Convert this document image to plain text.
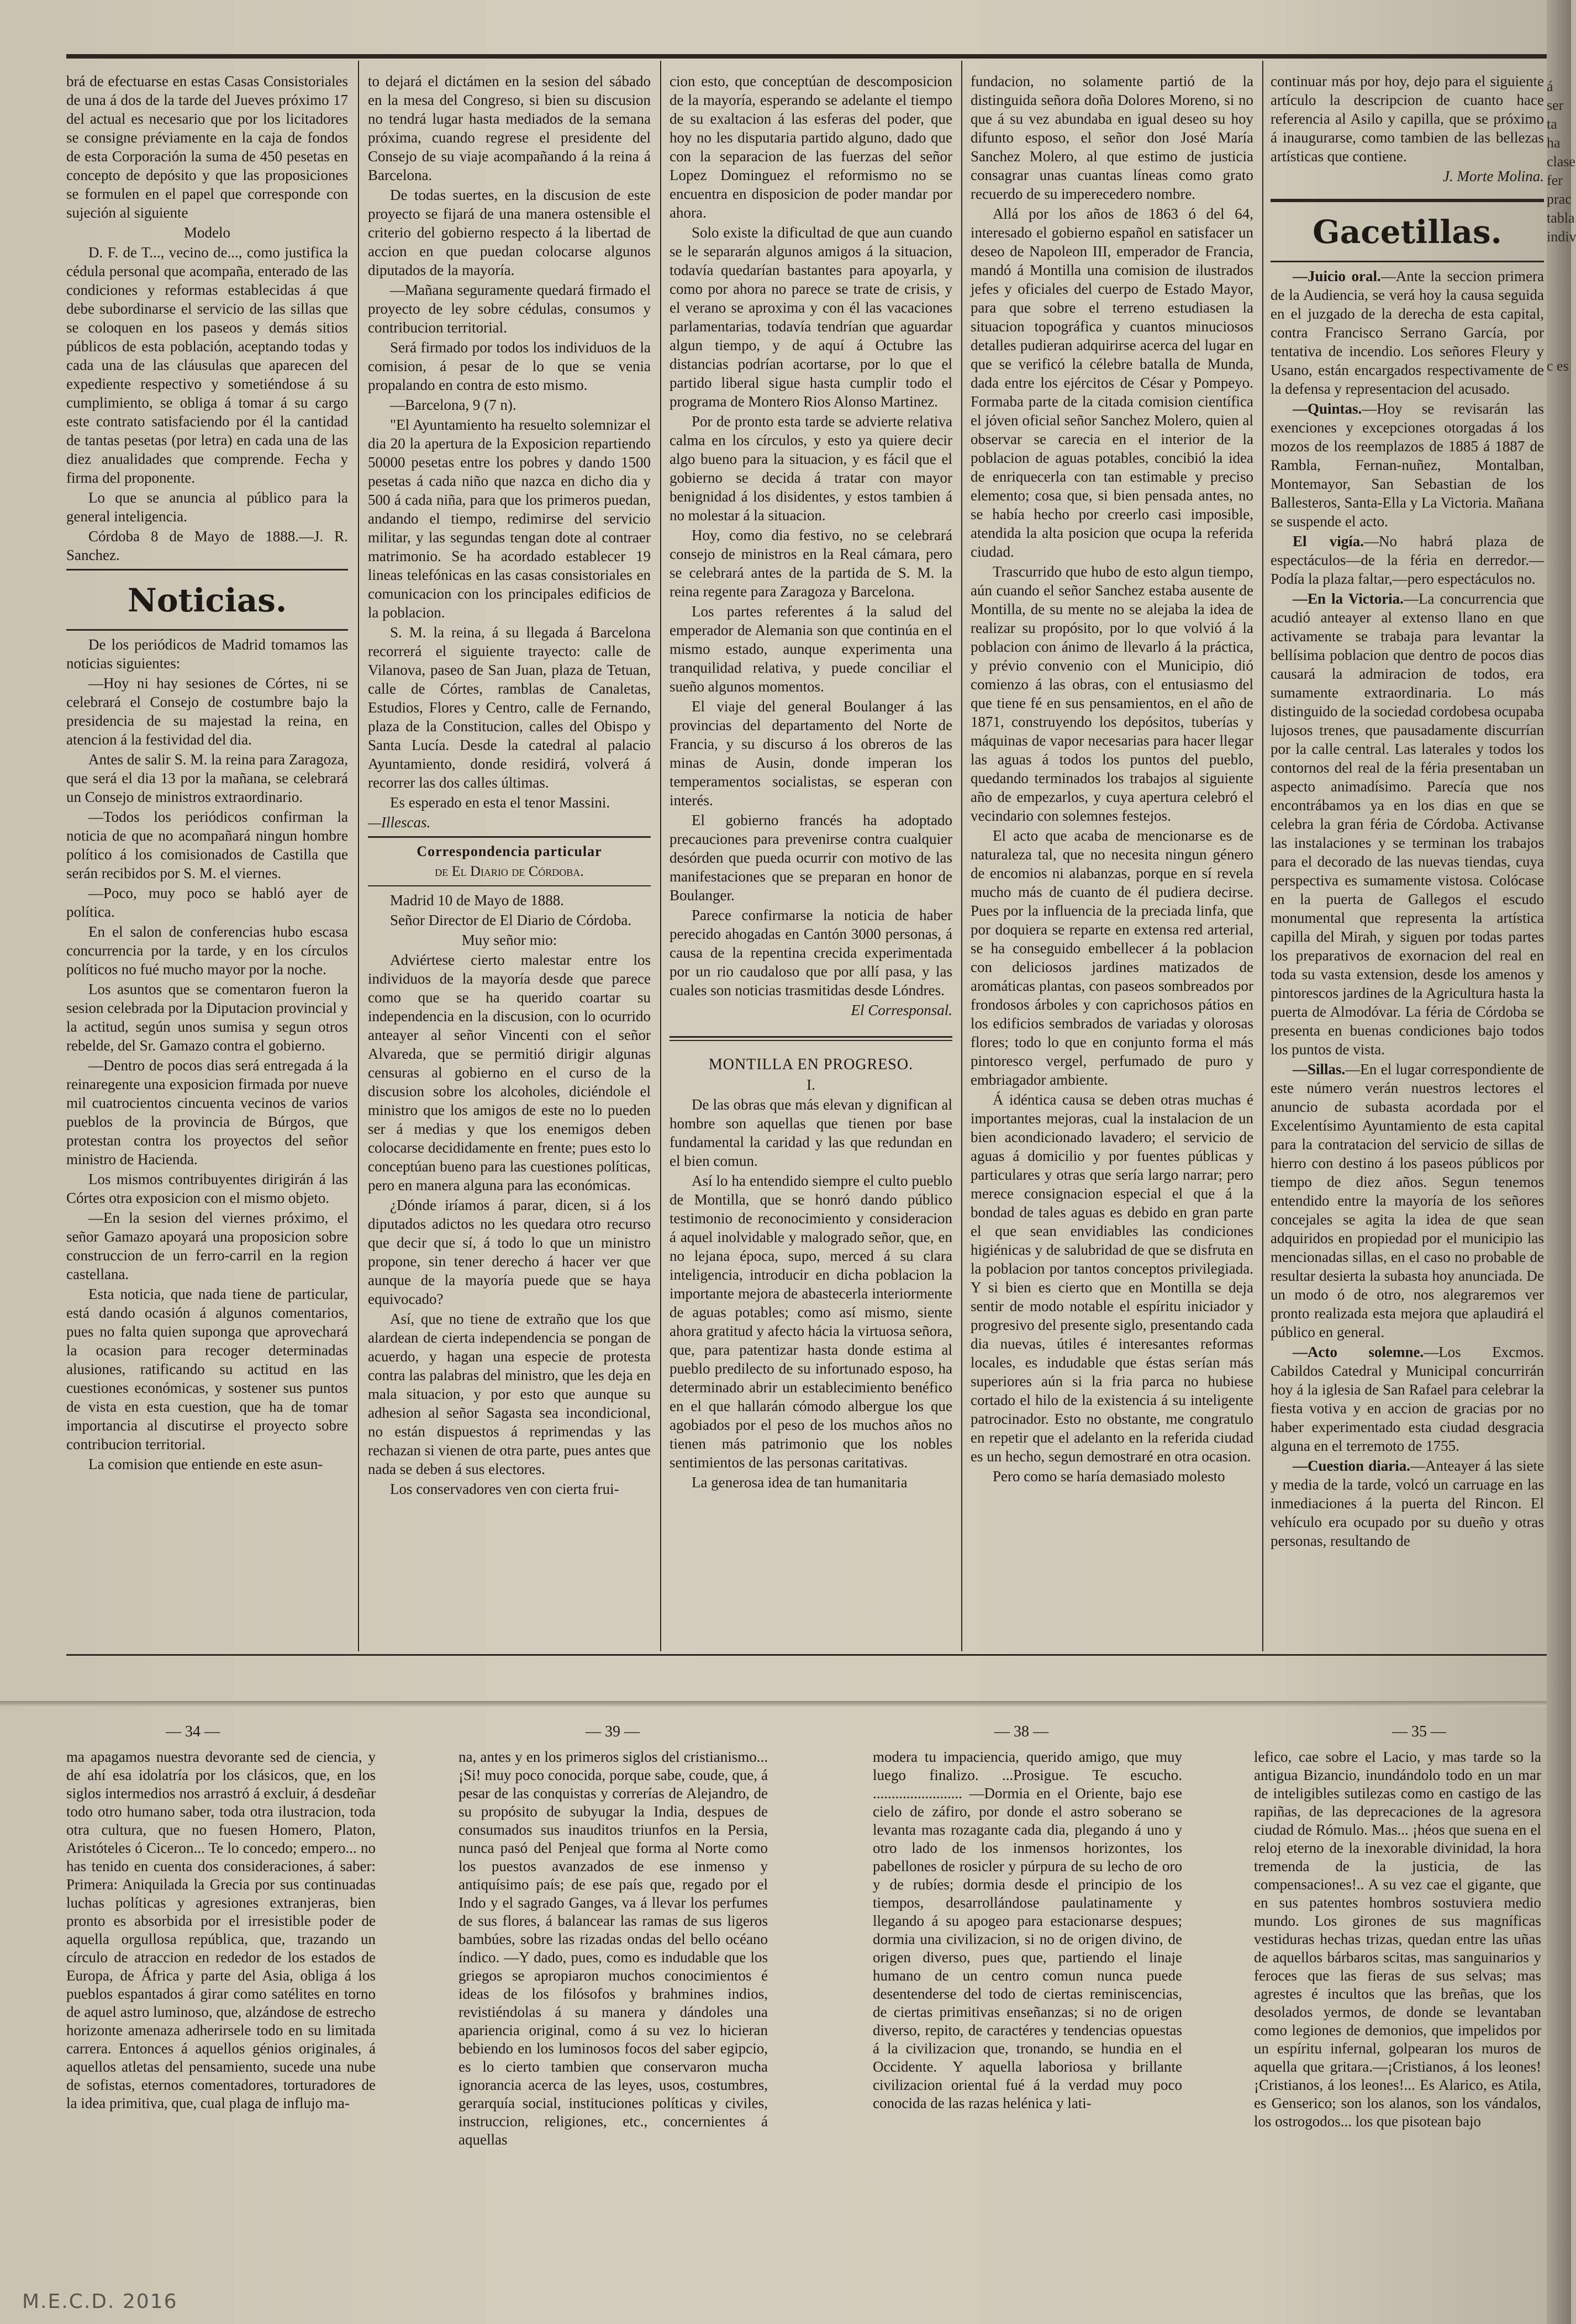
brá de efectuarse en estas Casas Consistoriales de una á dos de la tarde del Jueves próximo 17 del actual es necesario que por los licitadores se consigne préviamente en la caja de fondos de esta Corporación la suma de 450 pesetas en concepto de depósito y que las proposiciones se formulen en el papel que corresponde con sujeción al siguiente

Modelo

D. F. de T..., vecino de..., como justifica la cédula personal que acompaña, enterado de las condiciones y reformas establecidas á que debe subordinarse el servicio de las sillas que se coloquen en los paseos y demás sitios públicos de esta población, aceptando todas y cada una de las cláusulas que aparecen del expediente respectivo y sometiéndose á su cumplimiento, se obliga á tomar á su cargo este contrato satisfaciendo por él la cantidad de tantas pesetas (por letra) en cada una de las diez anualidades que comprende. Fecha y firma del proponente.

Lo que se anuncia al público para la general inteligencia.

Córdoba 8 de Mayo de 1888.—J. R. Sanchez.

Noticias.

De los periódicos de Madrid tomamos las noticias siguientes:

—Hoy ni hay sesiones de Córtes, ni se celebrará el Consejo de costumbre bajo la presidencia de su majestad la reina, en atencion á la festividad del dia.

Antes de salir S. M. la reina para Zaragoza, que será el dia 13 por la mañana, se celebrará un Consejo de ministros extraordinario.

—Todos los periódicos confirman la noticia de que no acompañará ningun hombre político á los comisionados de Castilla que serán recibidos por S. M. el viernes.

—Poco, muy poco se habló ayer de política.

En el salon de conferencias hubo escasa concurrencia por la tarde, y en los círculos políticos no fué mucho mayor por la noche.

Los asuntos que se comentaron fueron la sesion celebrada por la Diputacion provincial y la actitud, según unos sumisa y segun otros rebelde, del Sr. Gamazo contra el gobierno.

—Dentro de pocos dias será entregada á la reinaregente una exposicion firmada por nueve mil cuatrocientos cincuenta vecinos de varios pueblos de la provincia de Búrgos, que protestan contra los proyectos del señor ministro de Hacienda.

Los mismos contribuyentes dirigirán á las Córtes otra exposicion con el mismo objeto.

—En la sesion del viernes próximo, el señor Gamazo apoyará una proposicion sobre construccion de un ferro-carril en la region castellana.

Esta noticia, que nada tiene de particular, está dando ocasión á algunos comentarios, pues no falta quien suponga que aprovechará la ocasion para recoger determinadas alusiones, ratificando su actitud en las cuestiones económicas, y sostener sus puntos de vista en esta cuestion, que ha de tomar importancia al discutirse el proyecto sobre contribucion territorial.

La comision que entiende en este asun-

to dejará el dictámen en la sesion del sábado en la mesa del Congreso, si bien su discusion no tendrá lugar hasta mediados de la semana próxima, cuando regrese el presidente del Consejo de su viaje acompañando á la reina á Barcelona.

De todas suertes, en la discusion de este proyecto se fijará de una manera ostensible el criterio del gobierno respecto á la libertad de accion en que puedan colocarse algunos diputados de la mayoría.

—Mañana seguramente quedará firmado el proyecto de ley sobre cédulas, consumos y contribucion territorial.

Será firmado por todos los individuos de la comision, á pesar de lo que se venia propalando en contra de esto mismo.

—Barcelona, 9 (7 n).

"El Ayuntamiento ha resuelto solemnizar el dia 20 la apertura de la Exposicion repartiendo 50000 pesetas entre los pobres y dando 1500 pesetas á cada niño que nazca en dicho dia y 500 á cada niña, para que los primeros puedan, andando el tiempo, redimirse del servicio militar, y las segundas tengan dote al contraer matrimonio. Se ha acordado establecer 19 lineas telefónicas en las casas consistoriales en comunicacion con los principales edificios de la poblacion.

S. M. la reina, á su llegada á Barcelona recorrerá el siguiente trayecto: calle de Vilanova, paseo de San Juan, plaza de Tetuan, calle de Córtes, ramblas de Canaletas, Estudios, Flores y Centro, calle de Fernando, plaza de la Constitucion, calles del Obispo y Santa Lucía. Desde la catedral al palacio Ayuntamiento, donde residirá, volverá á recorrer las dos calles últimas.

Es esperado en esta el tenor Massini.

—Illescas.

Correspondencia particular
de El Diario de Córdoba.

Madrid 10 de Mayo de 1888.

Señor Director de El Diario de Córdoba.

Muy señor mio:

Adviértese cierto malestar entre los individuos de la mayoría desde que parece como que se ha querido coartar su independencia en la discusion, con lo ocurrido anteayer al señor Vincenti con el señor Alvareda, que se permitió dirigir algunas censuras al gobierno en el curso de la discusion sobre los alcoholes, diciéndole el ministro que los amigos de este no lo pueden ser á medias y que los enemigos deben colocarse decididamente en frente; pues esto lo conceptúan bueno para las cuestiones políticas, pero en manera alguna para las económicas.

¿Dónde iríamos á parar, dicen, si á los diputados adictos no les quedara otro recurso que decir que sí, á todo lo que un ministro propone, sin tener derecho á hacer ver que aunque de la mayoría puede que se haya equivocado?

Así, que no tiene de extraño que los que alardean de cierta independencia se pongan de acuerdo, y hagan una especie de protesta contra las palabras del ministro, que les deja en mala situacion, y por esto que aunque su adhesion al señor Sagasta sea incondicional, no están dispuestos á reprimendas y las rechazan si vienen de otra parte, pues antes que nada se deben á sus electores.

Los conservadores ven con cierta frui-

cion esto, que conceptúan de descomposicion de la mayoría, esperando se adelante el tiempo de su exaltacion á las esferas del poder, que hoy no les disputaria partido alguno, dado que con la separacion de las fuerzas del señor Lopez Dominguez el reformismo no se encuentra en disposicion de poder mandar por ahora.

Solo existe la dificultad de que aun cuando se le separarán algunos amigos á la situacion, todavía quedarían bastantes para apoyarla, y como por ahora no parece se trate de crisis, y el verano se aproxima y con él las vacaciones parlamentarias, todavía tendrían que aguardar algun tiempo, y de aquí á Octubre las distancias podrían acortarse, por lo que el partido liberal sigue hasta cumplir todo el programa de Montero Rios Alonso Martinez.

Por de pronto esta tarde se advierte relativa calma en los círculos, y esto ya quiere decir algo bueno para la situacion, y es fácil que el gobierno se decida á tratar con mayor benignidad á los disidentes, y estos tambien á no molestar á la situacion.

Hoy, como dia festivo, no se celebrará consejo de ministros en la Real cámara, pero se celebrará antes de la partida de S. M. la reina regente para Zaragoza y Barcelona.

Los partes referentes á la salud del emperador de Alemania son que continúa en el mismo estado, aunque experimenta una tranquilidad relativa, y puede conciliar el sueño algunos momentos.

El viaje del general Boulanger á las provincias del departamento del Norte de Francia, y su discurso á los obreros de las minas de Ausin, donde imperan los temperamentos socialistas, se esperan con interés.

El gobierno francés ha adoptado precauciones para prevenirse contra cualquier desórden que pueda ocurrir con motivo de las manifestaciones que se preparan en honor de Boulanger.

Parece confirmarse la noticia de haber perecido ahogadas en Cantón 3000 personas, á causa de la repentina crecida experimentada por un rio caudaloso que por allí pasa, y las cuales son noticias trasmitidas desde Lóndres.

El Corresponsal.

MONTILLA EN PROGRESO.

I.

De las obras que más elevan y dignifican al hombre son aquellas que tienen por base fundamental la caridad y las que redundan en el bien comun.

Así lo ha entendido siempre el culto pueblo de Montilla, que se honró dando público testimonio de reconocimiento y consideracion á aquel inolvidable y malogrado señor, que, en no lejana época, supo, merced á su clara inteligencia, introducir en dicha poblacion la importante mejora de abastecerla interiormente de aguas potables; como así mismo, siente ahora gratitud y afecto hácia la virtuosa señora, que, para patentizar hasta donde estima al pueblo predilecto de su infortunado esposo, ha determinado abrir un establecimiento benéfico en el que hallarán cómodo albergue los que agobiados por el peso de los muchos años no tienen más patrimonio que los nobles sentimientos de las personas caritativas.

La generosa idea de tan humanitaria

fundacion, no solamente partió de la distinguida señora doña Dolores Moreno, si no que á su vez abundaba en igual deseo su hoy difunto esposo, el señor don José María Sanchez Molero, al que estimo de justicia consagrar unas cuantas líneas como grato recuerdo de su imperecedero nombre.

Allá por los años de 1863 ó del 64, interesado el gobierno español en satisfacer un deseo de Napoleon III, emperador de Francia, mandó á Montilla una comision de ilustrados jefes y oficiales del cuerpo de Estado Mayor, para que sobre el terreno estudiasen la situacion topográfica y cuantos minuciosos detalles pudieran adquirirse acerca del lugar en que se verificó la célebre batalla de Munda, dada entre los ejércitos de César y Pompeyo. Formaba parte de la citada comision científica el jóven oficial señor Sanchez Molero, quien al observar se carecia en el interior de la poblacion de aguas potables, concibió la idea de enriquecerla con tan estimable y preciso elemento; cosa que, si bien pensada antes, no se había hecho por creerlo casi imposible, atendida la alta posicion que ocupa la referida ciudad.

Trascurrido que hubo de esto algun tiempo, aún cuando el señor Sanchez estaba ausente de Montilla, de su mente no se alejaba la idea de realizar su propósito, por lo que volvió á la poblacion con ánimo de llevarlo á la práctica, y prévio convenio con el Municipio, dió comienzo á las obras, con el entusiasmo del que tiene fé en sus pensamientos, en el año de 1871, construyendo los depósitos, tuberías y máquinas de vapor necesarias para hacer llegar las aguas á todos los puntos del pueblo, quedando terminados los trabajos al siguiente año de empezarlos, y cuya apertura celebró el vecindario con solemnes festejos.

El acto que acaba de mencionarse es de naturaleza tal, que no necesita ningun género de encomios ni alabanzas, porque en sí revela mucho más de cuanto de él pudiera decirse. Pues por la influencia de la preciada linfa, que por doquiera se reparte en extensa red arterial, se ha conseguido embellecer á la poblacion con deliciosos jardines matizados de aromáticas plantas, con paseos sombreados por frondosos árboles y con caprichosos pátios en los edificios sembrados de variadas y olorosas flores; todo lo que en conjunto forma el más pintoresco vergel, perfumado de puro y embriagador ambiente.

Á idéntica causa se deben otras muchas é importantes mejoras, cual la instalacion de un bien acondicionado lavadero; el servicio de aguas á domicilio y por fuentes públicas y particulares y otras que sería largo narrar; pero merece consignacion especial el que á la bondad de tales aguas es debido en gran parte el que sean envidiables las condiciones higiénicas y de salubridad de que se disfruta en la poblacion por tantos conceptos privilegiada. Y si bien es cierto que en Montilla se deja sentir de modo notable el espíritu iniciador y progresivo del presente siglo, presentando cada dia nuevas, útiles é interesantes reformas locales, es indudable que éstas serían más superiores aún si la fria parca no hubiese cortado el hilo de la existencia á su inteligente patrocinador. Esto no obstante, me congratulo en repetir que el adelanto en la referida ciudad es un hecho, segun demostraré en otra ocasion.

Pero como se haría demasiado molesto

continuar más por hoy, dejo para el siguiente artículo la descripcion de cuanto hace referencia al Asilo y capilla, que se próximo á inaugurarse, como tambien de las bellezas artísticas que contiene.

J. Morte Molina.

Gacetillas.

—Juicio oral.—Ante la seccion primera de la Audiencia, se verá hoy la causa seguida en el juzgado de la derecha de esta capital, contra Francisco Serrano García, por tentativa de incendio. Los señores Fleury y Usano, están encargados respectivamente de la defensa y representacion del acusado.

—Quintas.—Hoy se revisarán las exenciones y excepciones otorgadas á los mozos de los reemplazos de 1885 á 1887 de Rambla, Fernan-nuñez, Montalban, Montemayor, San Sebastian de los Ballesteros, Santa-Ella y La Victoria. Mañana se suspende el acto.

El vigía.—No habrá plaza de espectáculos—de la féria en derredor.—Podía la plaza faltar,—pero espectáculos no.

—En la Victoria.—La concurrencia que acudió anteayer al extenso llano en que activamente se trabaja para levantar la bellísima poblacion que dentro de pocos dias causará la admiracion de todos, era sumamente extraordinaria. Lo más distinguido de la sociedad cordobesa ocupaba lujosos trenes, que pausadamente discurrían por la calle central. Las laterales y todos los contornos del real de la féria presentaban un aspecto animadísimo. Parecía que nos encontrábamos ya en los dias en que se celebra la gran féria de Córdoba. Activanse las instalaciones y se terminan los trabajos para el decorado de las nuevas tiendas, cuya perspectiva es sumamente vistosa. Colócase en la puerta de Gallegos el escudo monumental que representa la artística capilla del Mirah, y siguen por todas partes los preparativos de exornacion del real en toda su vasta extension, desde los amenos y pintorescos jardines de la Agricultura hasta la puerta de Almodóvar. La féria de Córdoba se presenta en buenas condiciones bajo todos los puntos de vista.

—Sillas.—En el lugar correspondiente de este número verán nuestros lectores el anuncio de subasta acordada por el Excelentísimo Ayuntamiento de esta capital para la contratacion del servicio de sillas de hierro con destino á los paseos públicos por tiempo de diez años. Segun tenemos entendido entre la mayoría de los señores concejales se agita la idea de que sean adquiridos en propiedad por el municipio las mencionadas sillas, en el caso no probable de resultar desierta la subasta hoy anunciada. De un modo ó de otro, nos alegraremos ver pronto realizada esta mejora que aplaudirá el público en general.

—Acto solemne.—Los Excmos. Cabildos Catedral y Municipal concurrirán hoy á la iglesia de San Rafael para celebrar la fiesta votiva y en accion de gracias por no haber experimentado esta ciudad desgracia alguna en el terremoto de 1755.

—Cuestion diaria.—Anteayer á las siete y media de la tarde, volcó un carruage en las inmediaciones á la puerta del Rincon. El vehículo era ocupado por su dueño y otras personas, resultando de

— 34 —	— 39 —	— 38 —	— 35 —

ma apagamos nuestra devorante sed de ciencia, y de ahí esa idolatría por los clásicos, que, en los siglos intermedios nos arrastró á excluir, á desdeñar todo otro humano saber, toda otra ilustracion, toda otra cultura, que no fuesen Homero, Platon, Aristóteles ó Ciceron... Te lo concedo; empero... no has tenido en cuenta dos consideraciones, á saber: Primera: Aniquilada la Grecia por sus continuadas luchas políticas y agresiones extranjeras, bien pronto es absorbida por el irresistible poder de aquella orgullosa república, que, trazando un círculo de atraccion en rededor de los estados de Europa, de África y parte del Asia, obliga á los pueblos espantados á girar como satélites en torno de aquel astro luminoso, que, alzándose de estrecho horizonte amenaza adherirsele todo en su limitada carrera. Entonces á aquellos génios originales, á aquellos atletas del pensamiento, sucede una nube de sofistas, eternos comentadores, torturadores de la idea primitiva, que, cual plaga de influjo ma-

na, antes y en los primeros siglos del cristianismo... ¡Si! muy poco conocida, porque sabe, coude, que, á pesar de las conquistas y correrías de Alejandro, de su propósito de subyugar la India, despues de consumados sus inauditos triunfos en la Persia, nunca pasó del Penjeal que forma al Norte como los puestos avanzados de ese inmenso y antiquísimo país; de ese país que, regado por el Indo y el sagrado Ganges, va á llevar los perfumes de sus flores, á balancear las ramas de sus ligeros bambúes, sobre las rizadas ondas del bello océano índico. —Y dado, pues, como es indudable que los griegos se apropiaron muchos conocimientos é ideas de los filósofos y brahmines indios, revistiéndolas á su manera y dándoles una apariencia original, como á su vez lo hicieran bebiendo en los luminosos focos del saber egipcio, es lo cierto tambien que conservaron mucha ignorancia acerca de las leyes, usos, costumbres, gerarquía social, instituciones políticas y civiles, instruccion, religiones, etc., concernientes á aquellas

modera tu impaciencia, querido amigo, que muy luego finalizo. ...Prosigue. Te escucho. ........................ —Dormia en el Oriente, bajo ese cielo de záfiro, por donde el astro soberano se levanta mas rozagante cada dia, plegando á uno y otro lado de los inmensos horizontes, los pabellones de rosicler y púrpura de su lecho de oro y de rubíes; dormia desde el principio de los tiempos, desarrollándose paulatinamente y llegando á su apogeo para estacionarse despues; dormia una civilizacion, si no de origen divino, de origen diverso, pues que, partiendo el linaje humano de un centro comun nunca puede desentenderse del todo de ciertas reminiscencias, de ciertas primitivas enseñanzas; si no de origen diverso, repito, de caractéres y tendencias opuestas á la civilizacion que, tronando, se hundia en el Occidente. Y aquella laboriosa y brillante civilizacion oriental fué á la verdad muy poco conocida de las razas helénica y lati-

lefico, cae sobre el Lacio, y mas tarde so la antigua Bizancio, inundándolo todo en un mar de inteligibles sutilezas como en castigo de las rapiñas, de las deprecaciones de la agresora ciudad de Rómulo. Mas... ¡héos que suena en el reloj eterno de la inexorable divinidad, la hora tremenda de la justicia, de las compensaciones!.. A su vez cae el gigante, que en sus patentes hombros sostuviera medio mundo. Los girones de sus magníficas vestiduras hechas trizas, quedan entre las uñas de aquellos bárbaros scitas, mas sanguinarios y feroces que las fieras de sus selvas; mas agrestes é incultos que las breñas, que los desolados yermos, de donde se levantaban como legiones de demonios, que impelidos por un espíritu infernal, golpearan los muros de aquella que gritara.—¡Cristianos, á los leones! ¡Cristianos, á los leones!... Es Alarico, es Atila, es Genserico; son los alanos, son los vándalos, los ostrogodos... los que pisotean bajo

á ser
ta ha
clase
fer
prac
tabla
indiv
c es
M.E.C.D. 2016
